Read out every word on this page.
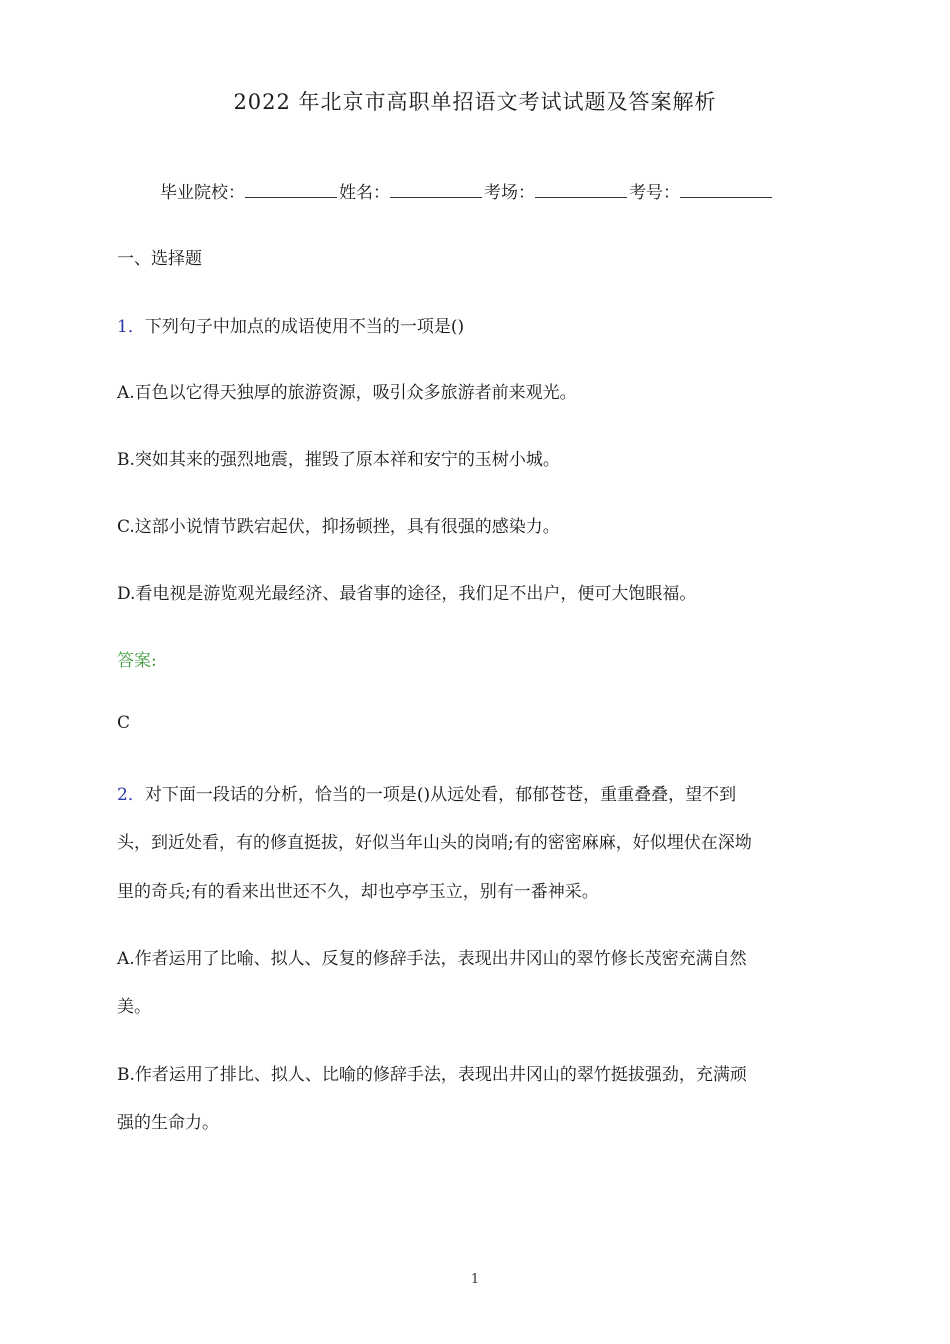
2022 年北京市高职单招语文考试试题及答案解析
毕业院校：	姓名：	考场：	考号：
一、选择题
1．下列句子中加点的成语使用不当的一项是()
A.百色以它得天独厚的旅游资源，吸引众多旅游者前来观光。
B.突如其来的强烈地震，摧毁了原本祥和安宁的玉树小城。
C.这部小说情节跌宕起伏，抑扬顿挫，具有很强的感染力。
D.看电视是游览观光最经济、最省事的途径，我们足不出户，便可大饱眼福。
答案:
C
2．对下面一段话的分析，恰当的一项是()从远处看，郁郁苍苍，重重叠叠，望不到
头，到近处看，有的修直挺拔，好似当年山头的岗哨;有的密密麻麻，好似埋伏在深坳
里的奇兵;有的看来出世还不久，却也亭亭玉立，别有一番神采。
A.作者运用了比喻、拟人、反复的修辞手法，表现出井冈山的翠竹修长茂密充满自然
美。
B.作者运用了排比、拟人、比喻的修辞手法，表现出井冈山的翠竹挺拔强劲，充满顽
强的生命力。
1
